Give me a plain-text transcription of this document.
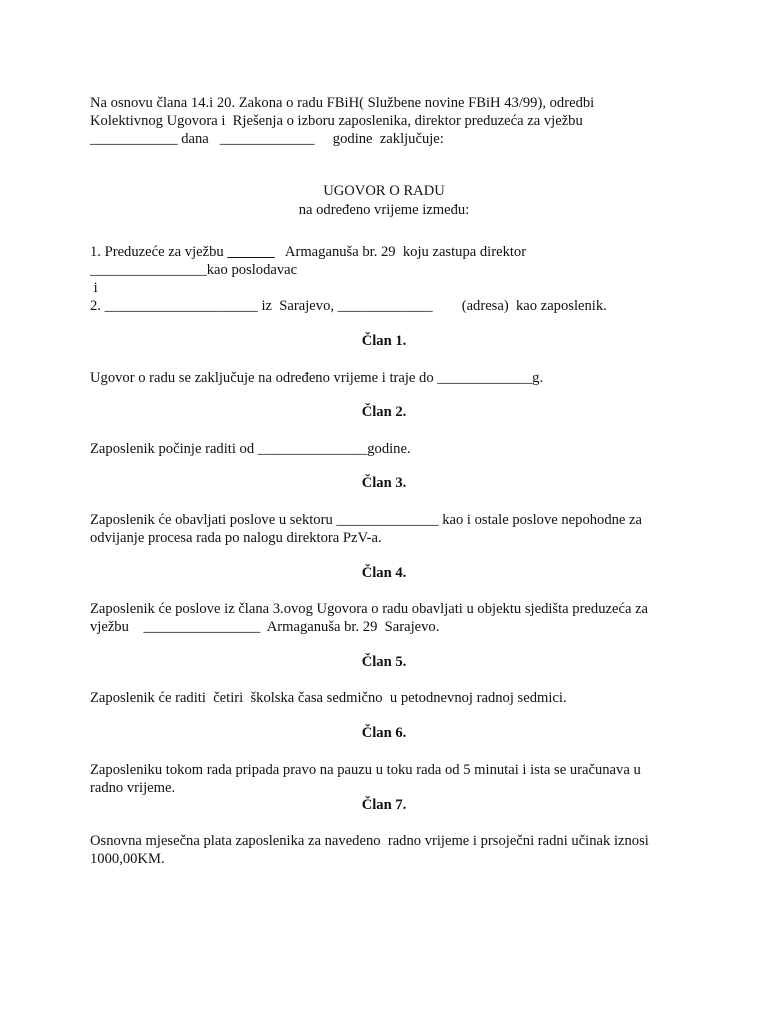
Na osnovu člana 14.i 20. Zakona o radu FBiH( Službene novine FBiH 43/99), odredbi
Kolektivnog Ugovora i  Rješenja o izboru zaposlenika, direktor preduzeća za vježbu
____________ dana   _____________     godine  zaključuje:
UGOVOR O RADU
na određeno vrijeme između:
1. Preduzeće za vježbu	Armaganuša br. 29  koju zastupa direktor
________________kao poslodavac
i
2. _____________________ iz  Sarajevo, _____________        (adresa)  kao zaposlenik.
Član 1.
Ugovor o radu se zaključuje na određeno vrijeme i traje do _____________g.
Član 2.
Zaposlenik počinje raditi od _______________godine.
Član 3.
Zaposlenik će obavljati poslove u sektoru ______________ kao i ostale poslove nepohodne za
odvijanje procesa rada po nalogu direktora PzV-a.
Član 4.
Zaposlenik će poslove iz člana 3.ovog Ugovora o radu obavljati u objektu sjedišta preduzeća za
vježbu    ________________  Armaganuša br. 29  Sarajevo.
Član 5.
Zaposlenik će raditi  četiri  školska časa sedmično  u petodnevnoj radnoj sedmici.
Član 6.
Zaposleniku tokom rada pripada pravo na pauzu u toku rada od 5 minutai i ista se uračunava u
radno vrijeme.
Član 7.
Osnovna mjesečna plata zaposlenika za navedeno  radno vrijeme i prsoječni radni učinak iznosi
1000,00KM.
